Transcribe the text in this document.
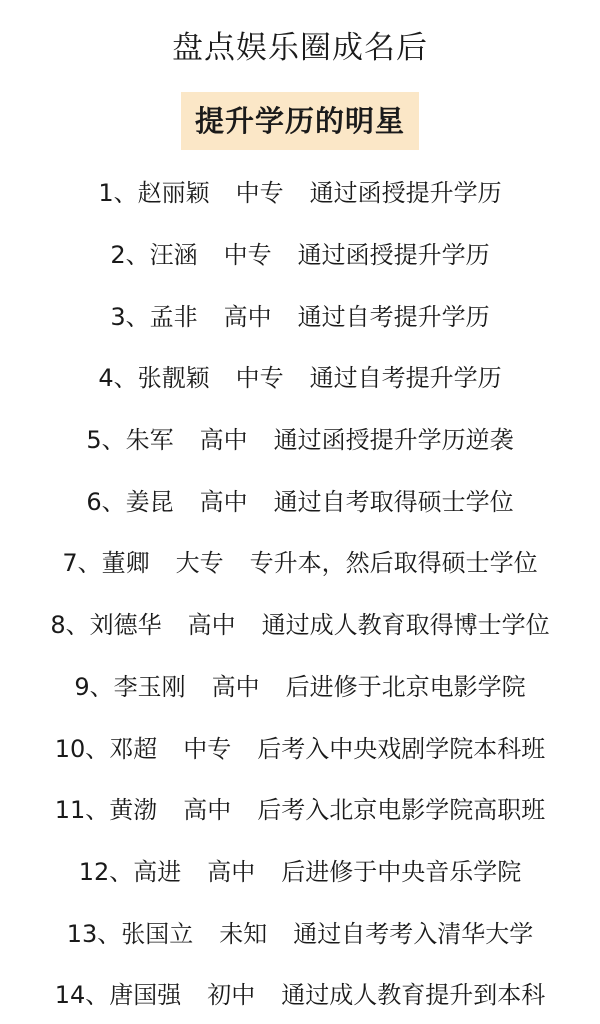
盘点娱乐圈成名后
提升学历的明星
1、 赵丽颖 中专 通过函授提升学历
2、 汪涵 中专 通过函授提升学历
3、 孟非 高中 通过自考提升学历
4、 张靓颖 中专 通过自考提升学历
5、 朱军 高中 通过函授提升学历逆袭
6、 姜昆 高中 通过自考取得硕士学位
7、 董卿 大专 专升本，然后取得硕士学位
8、 刘德华 高中 通过成人教育取得博士学位
9、 李玉刚 高中 后进修于北京电影学院
10、 邓超 中专 后考入中央戏剧学院本科班
11、 黄渤 高中 后考入北京电影学院高职班
12、 高进 高中 后进修于中央音乐学院
13、 张国立 未知 通过自考考入清华大学
14、 唐国强 初中 通过成人教育提升到本科
